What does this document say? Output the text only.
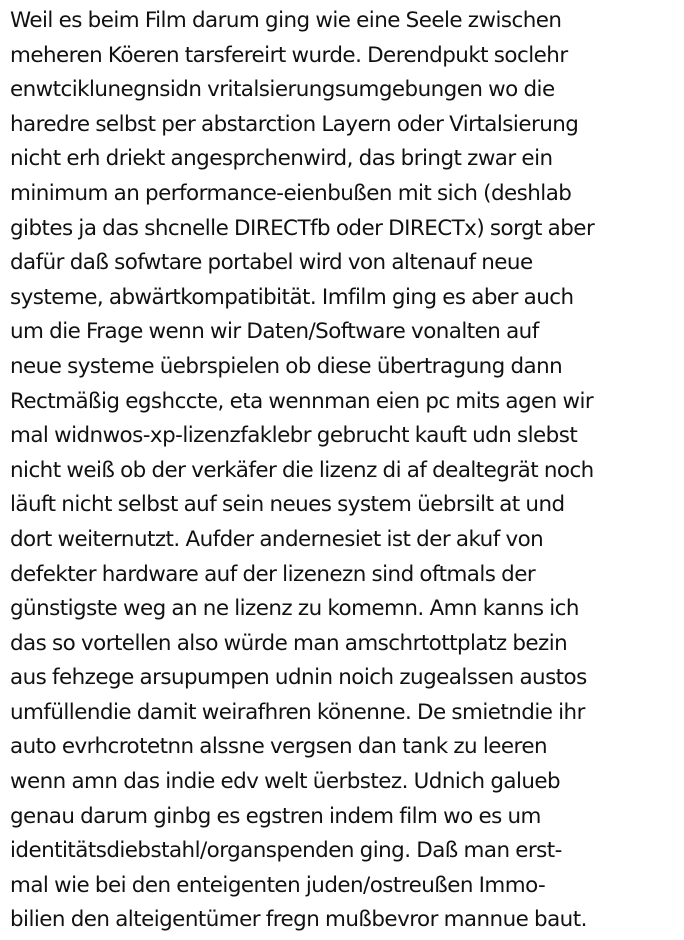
Weil es beim Film darum ging wie eine Seele zwischen
meheren Köeren tarsfereirt wurde. Derendpukt soclehr
enwtciklunegnsidn vritalsierungsumgebungen wo die
haredre selbst per abstarction Layern oder Virtalsierung
nicht erh driekt angesprchenwird, das bringt zwar ein
minimum an performance-eienbußen mit sich (deshlab
gibtes ja das shcnelle DIRECTfb oder DIRECTx) sorgt aber
dafür daß sofwtare portabel wird von altenauf neue
systeme, abwärtkompatibität. Imfilm ging es aber auch
um die Frage wenn wir Daten/Software vonalten auf
neue systeme üebrspielen ob diese übertragung dann
Rectmäßig egshccte, eta wennman eien pc mits agen wir
mal widnwos-xp-lizenzfaklebr gebrucht kauft udn slebst
nicht weiß ob der verkäfer die lizenz di af dealtegrät noch
läuft nicht selbst auf sein neues system üebrsilt at und
dort weiternutzt. Aufder andernesiet ist der akuf von
defekter hardware auf der lizenezn sind oftmals der
günstigste weg an ne lizenz zu komemn. Amn kanns ich
das so vortellen also würde man amschrtottplatz bezin
aus fehzege arsupumpen udnin noich zugealssen austos
umfüllendie damit weirafhren könenne. De smietndie ihr
auto evrhcrotetnn alssne vergsen dan tank zu leeren
wenn amn das indie edv welt üerbstez. Udnich galueb
genau darum ginbg es egstren indem film wo es um
identitätsdiebstahl/organspenden ging. Daß man erst-
mal wie bei den enteigenten juden/ostreußen Immo-
bilien den alteigentümer fregn mußbevror mannue baut.
